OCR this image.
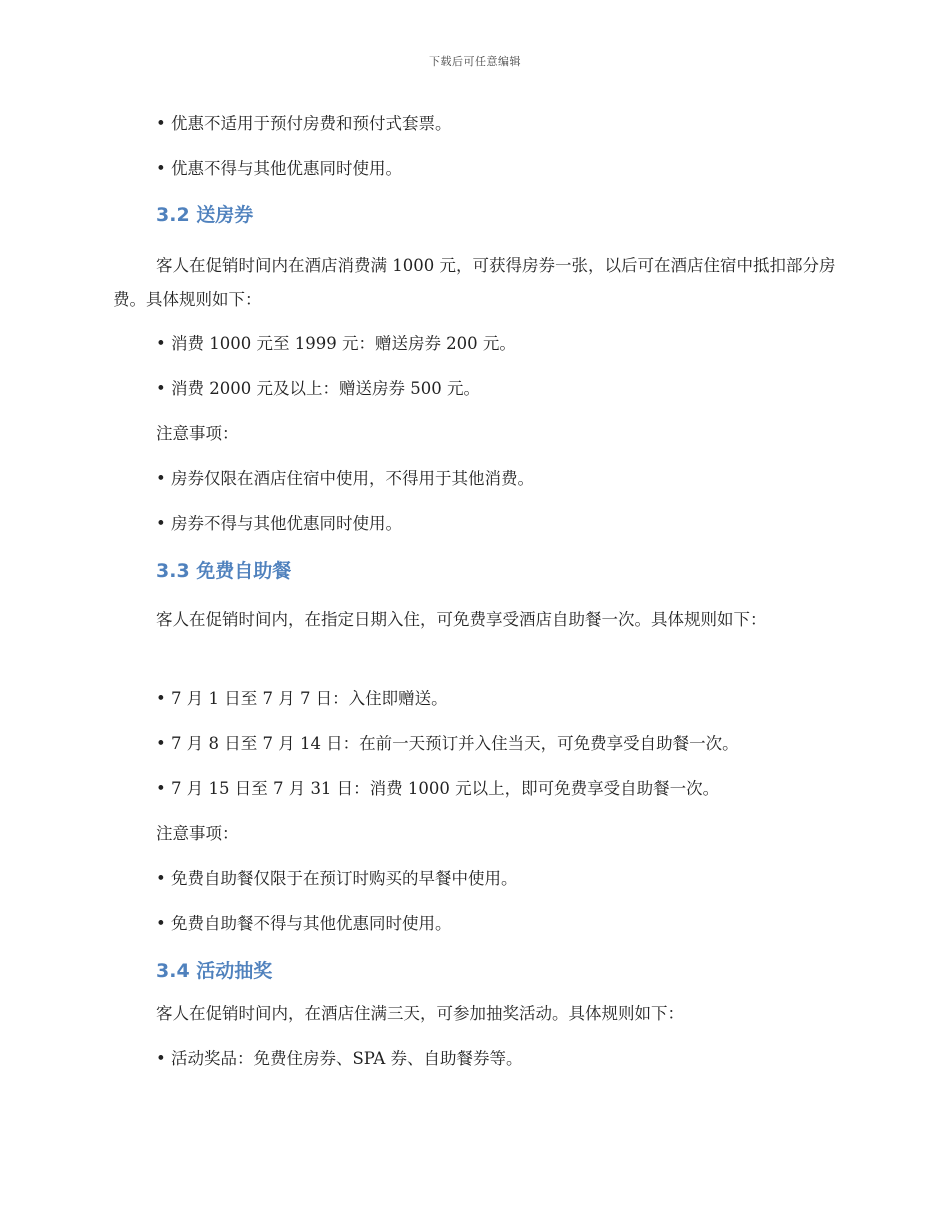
下载后可任意编辑
• 优惠不适用于预付房费和预付式套票。
• 优惠不得与其他优惠同时使用。
3.2 送房券
客人在促销时间内在酒店消费满 1000 元，可获得房券一张，以后可在酒店住宿中抵扣部分房费。具体规则如下：
• 消费 1000 元至 1999 元：赠送房券 200 元。
• 消费 2000 元及以上：赠送房券 500 元。
注意事项：
• 房券仅限在酒店住宿中使用，不得用于其他消费。
• 房券不得与其他优惠同时使用。
3.3 免费自助餐
客人在促销时间内，在指定日期入住，可免费享受酒店自助餐一次。具体规则如下：
• 7 月 1 日至 7 月 7 日：入住即赠送。
• 7 月 8 日至 7 月 14 日：在前一天预订并入住当天，可免费享受自助餐一次。
• 7 月 15 日至 7 月 31 日：消费 1000 元以上，即可免费享受自助餐一次。
注意事项：
• 免费自助餐仅限于在预订时购买的早餐中使用。
• 免费自助餐不得与其他优惠同时使用。
3.4 活动抽奖
客人在促销时间内，在酒店住满三天，可参加抽奖活动。具体规则如下：
• 活动奖品：免费住房券、SPA 券、自助餐券等。
